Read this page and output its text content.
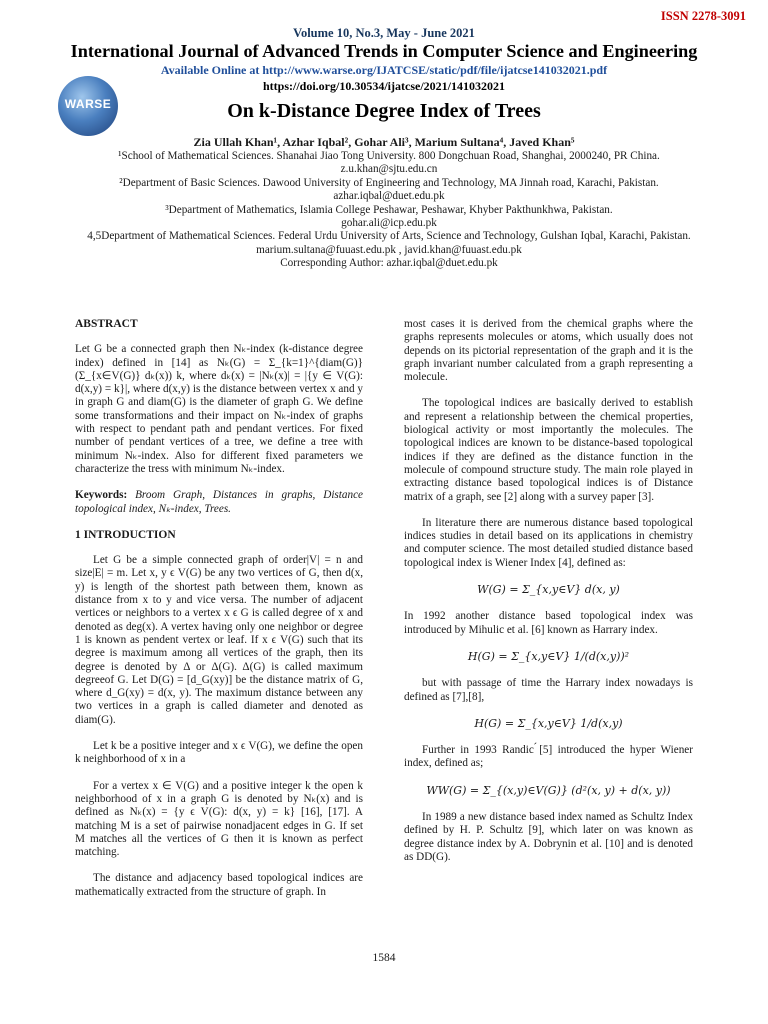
ISSN 2278-3091
Volume 10, No.3, May - June 2021
International Journal of Advanced Trends in Computer Science and Engineering
Available Online at http://www.warse.org/IJATCSE/static/pdf/file/ijatcse141032021.pdf
https://doi.org/10.30534/ijatcse/2021/141032021
WARSE	On k-Distance Degree Index of Trees
Zia Ullah Khan¹, Azhar Iqbal², Gohar Ali³, Marium Sultana⁴, Javed Khan⁵
¹School of Mathematical Sciences. Shanahai Jiao Tong University. 800 Dongchuan Road, Shanghai, 2000240, PR China.
z.u.khan@sjtu.edu.cn
²Department of Basic Sciences. Dawood University of Engineering and Technology, MA Jinnah road, Karachi, Pakistan.
azhar.iqbal@duet.edu.pk
³Department of Mathematics, Islamia College Peshawar, Peshawar, Khyber Pakthunkhwa, Pakistan.
gohar.ali@icp.edu.pk
4,5Department of Mathematical Sciences. Federal Urdu University of Arts, Science and Technology, Gulshan Iqbal, Karachi, Pakistan.
marium.sultana@fuuast.edu.pk , javid.khan@fuuast.edu.pk
Corresponding Author: azhar.iqbal@duet.edu.pk
ABSTRACT

Let G be a connected graph then Nₖ-index (k-distance degree index) defined in [14] as Nₖ(G) = Σ_{k=1}^{diam(G)} (Σ_{x∈V(G)} dₖ(x)) k, where dₖ(x) = |Nₖ(x)| = |{y ∈ V(G): d(x,y) = k}|, where d(x,y) is the distance between vertex x and y in graph G and diam(G) is the diameter of graph G. We define some transformations and their impact on Nₖ-index of graphs with respect to pendant path and pendant vertices. For fixed number of pendant vertices of a tree, we define a tree with minimum Nₖ-index. Also for different fixed parameters we characterize the tress with minimum Nₖ-index.

Keywords: Broom Graph, Distances in graphs, Distance topological index, Nₖ-index, Trees.

1 INTRODUCTION

Let G be a simple connected graph of order|V| = n and size|E| = m. Let x, y ϵ V(G) be any two vertices of G, then d(x, y) is length of the shortest path between them, known as distance from x to y and vice versa. The number of adjacent vertices or neighbors to a vertex x ϵ G is called degree of x and denoted as deg(x). A vertex having only one neighbor or degree 1 is known as pendent vertex or leaf. If x ϵ V(G) such that its degree is maximum among all vertices of the graph, then its degree is denoted by Δ or Δ(G). Δ(G) is called maximum degreeof G. Let D(G) = [d_G(xy)] be the distance matrix of G, where d_G(xy) = d(x, y). The maximum distance between any two vertices in a graph is called diameter and denoted as diam(G).

Let k be a positive integer and x ϵ V(G), we define the open k neighborhood of x in a

For a vertex x ∈ V(G) and a positive integer k the open k neighborhood of x in a graph G is denoted by Nₖ(x) and is defined as Nₖ(x) = {y ϵ V(G): d(x, y) = k} [16], [17]. A matching M is a set of pairwise nonadjacent edges in G. If set M matches all the vertices of G then it is known as perfect matching.

The distance and adjacency based topological indices are mathematically extracted from the structure of graph. In

most cases it is derived from the chemical graphs where the graphs represents molecules or atoms, which usually does not depends on its pictorial representation of the graph and it is the graph invariant number calculated from a graph representing a molecule.

The topological indices are basically derived to establish and represent a relationship between the chemical properties, biological activity or most importantly the molecules. The topological indices are known to be distance-based topological indices if they are defined as the distance function in the molecule of compound structure study. The main role played in extracting distance based topological indices is of Distance matrix of a graph, see [2] along with a survey paper [3].

In literature there are numerous distance based topological indices studies in detail based on its applications in chemistry and computer science. The most detailed studied distance based topological index is Wiener Index [4], defined as:

W(G) = Σ_{x,y∈V} d(x, y)

In 1992 another distance based topological index was introduced by Mihulic et al. [6] known as Harrary index.

H(G) = Σ_{x,y∈V} 1/(d(x,y))²

but with passage of time the Harrary index nowadays is defined as [7],[8],

H(G) = Σ_{x,y∈V} 1/d(x,y)

Further in 1993 Randic ́[5] introduced the hyper Wiener index, defined as;

WW(G) = Σ_{(x,y)∈V(G)} (d²(x, y) + d(x, y))

In 1989 a new distance based index named as Schultz Index defined by H. P. Schultz [9], which later on was known as degree distance index by A. Dobrynin et al. [10] and is denoted as DD(G).

1584
